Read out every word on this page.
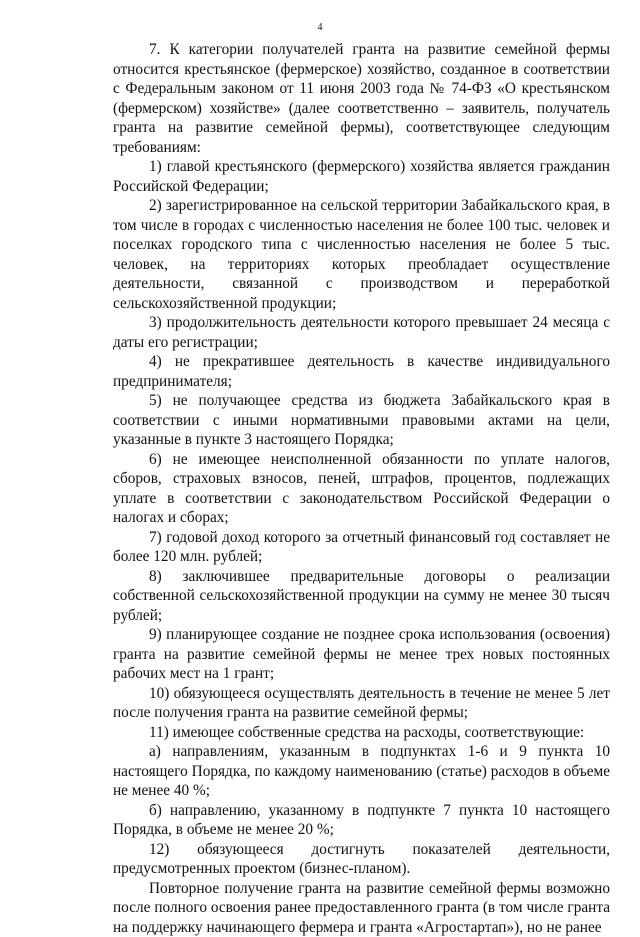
4

7. К категории получателей гранта на развитие семейной фермы относится крестьянское (фермерское) хозяйство, созданное в соответствии с Федеральным законом от 11 июня 2003 года № 74-ФЗ «О крестьянском (фермерском) хозяйстве» (далее соответственно – заявитель, получатель гранта на развитие семейной фермы), соответствующее следующим требованиям:

1) главой крестьянского (фермерского) хозяйства является гражданин Российской Федерации;

2) зарегистрированное на сельской территории Забайкальского края, в том числе в городах с численностью населения не более 100 тыс. человек и поселках городского типа с численностью населения не более 5 тыс. человек, на территориях которых преобладает осуществление деятельности, связанной с производством и переработкой сельскохозяйственной продукции;

3) продолжительность деятельности которого превышает 24 месяца с даты его регистрации;

4) не прекратившее деятельность в качестве индивидуального предпринимателя;

5) не получающее средства из бюджета Забайкальского края в соответствии с иными нормативными правовыми актами на цели, указанные в пункте 3 настоящего Порядка;

6) не имеющее неисполненной обязанности по уплате налогов, сборов, страховых взносов, пеней, штрафов, процентов, подлежащих уплате в соответствии с законодательством Российской Федерации о налогах и сборах;

7) годовой доход которого за отчетный финансовый год составляет не более 120 млн. рублей;

8) заключившее предварительные договоры о реализации собственной сельскохозяйственной продукции на сумму не менее 30 тысяч рублей;

9) планирующее создание не позднее срока использования (освоения) гранта на развитие семейной фермы не менее трех новых постоянных рабочих мест на 1 грант;

10) обязующееся осуществлять деятельность в течение не менее 5 лет после получения гранта на развитие семейной фермы;

11) имеющее собственные средства на расходы, соответствующие:

а) направлениям, указанным в подпунктах 1-6 и 9 пункта 10 настоящего Порядка, по каждому наименованию (статье) расходов в объеме не менее 40 %;

б) направлению, указанному в подпункте 7 пункта 10 настоящего Порядка, в объеме не менее 20 %;

12) обязующееся достигнуть показателей деятельности, предусмотренных проектом (бизнес-планом).

Повторное получение гранта на развитие семейной фермы возможно после полного освоения ранее предоставленного гранта (в том числе гранта на поддержку начинающего фермера и гранта «Агростартап»), но не ранее
